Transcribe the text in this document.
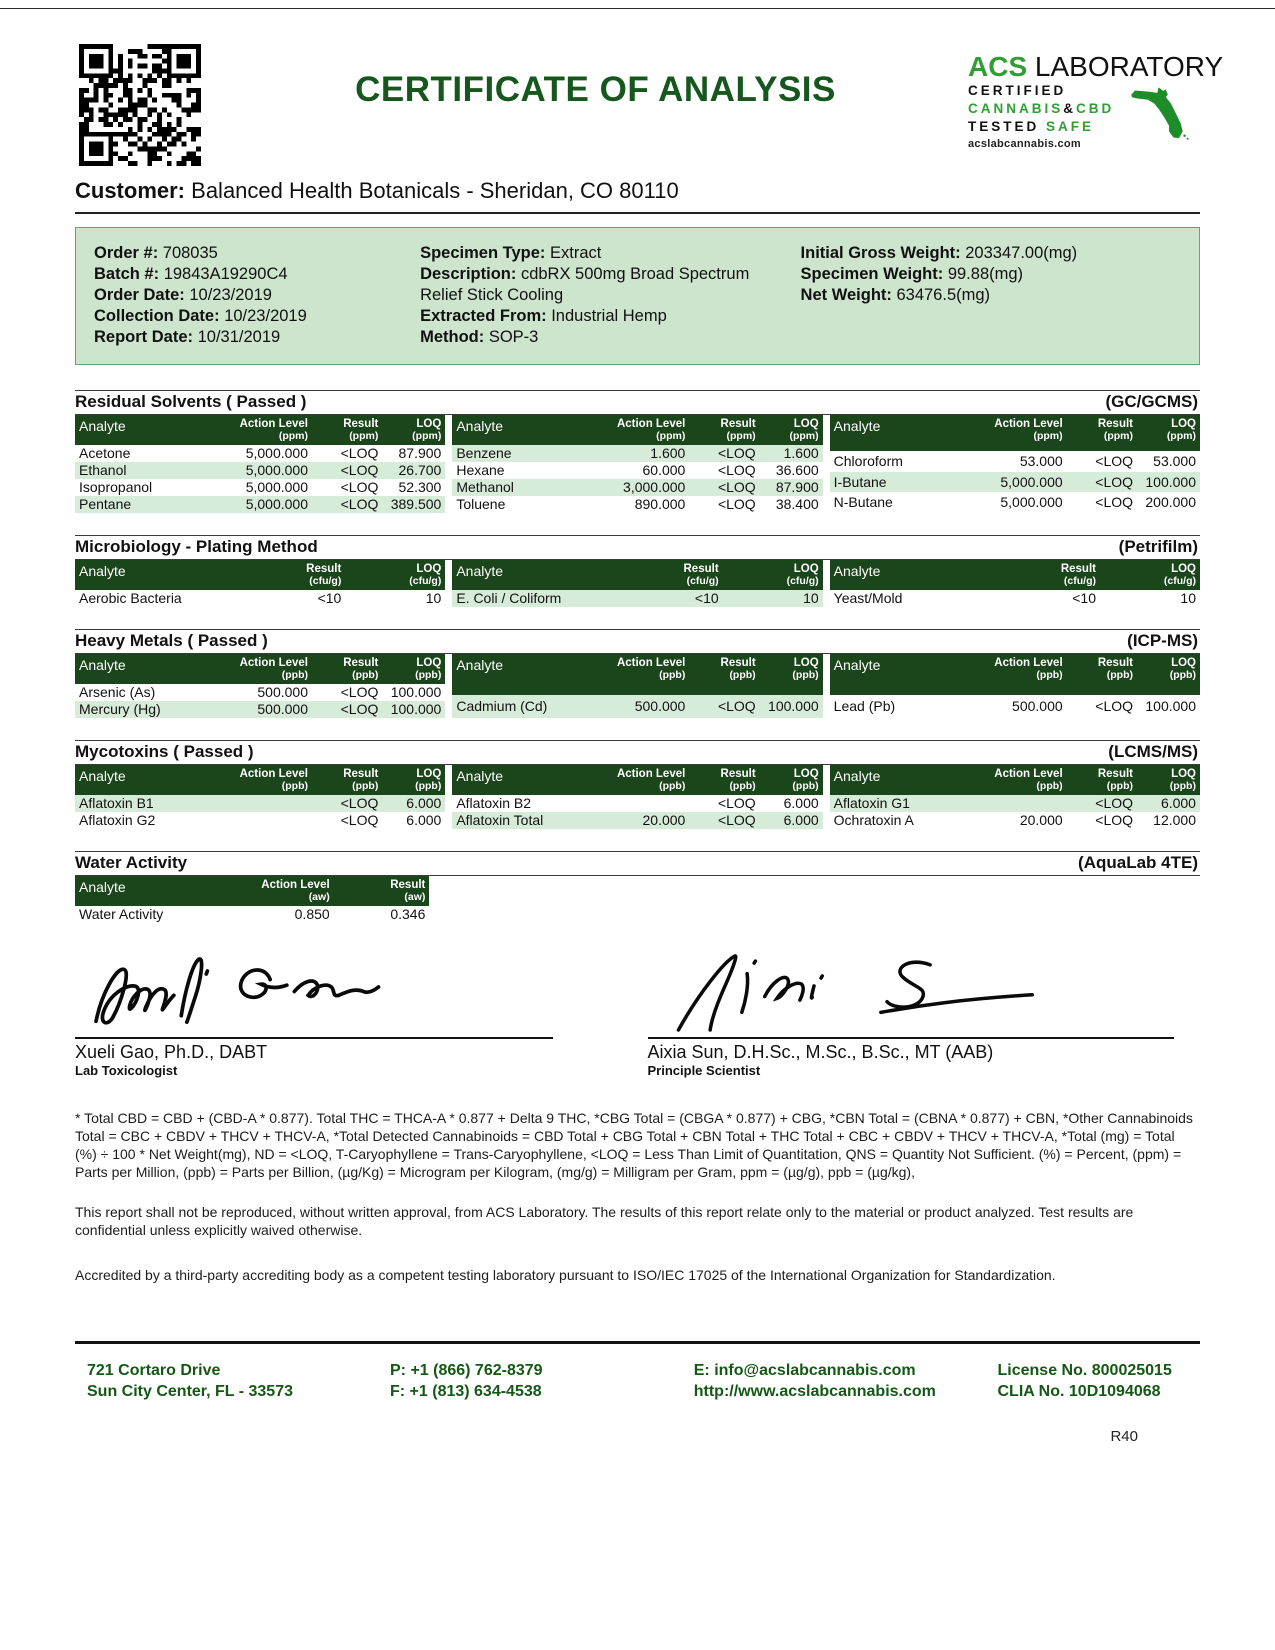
CERTIFICATE OF ANALYSIS
ACS LABORATORY
CERTIFIED
CANNABIS&CBD
TESTED SAFE
acslabcannabis.com
Customer: Balanced Health Botanicals - Sheridan, CO 80110
Order #: 708035
Batch #: 19843A19290C4
Order Date: 10/23/2019
Collection Date: 10/23/2019
Report Date: 10/31/2019
Specimen Type: Extract
Description: cdbRX 500mg Broad Spectrum Relief Stick Cooling
Extracted From: Industrial Hemp
Method: SOP-3
Initial Gross Weight: 203347.00(mg)
Specimen Weight: 99.88(mg)
Net Weight: 63476.5(mg)
Residual Solvents ( Passed )	(GC/GCMS)
Analyte	Action Level
(ppm)

Result
(ppm)

LOQ
(ppm)

Acetone	5,000.000	<LOQ	87.900
Ethanol	5,000.000	<LOQ	26.700
Isopropanol	5,000.000	<LOQ	52.300
Pentane	5,000.000	<LOQ	389.500
Analyte	Action Level
(ppm)

Result
(ppm)

LOQ
(ppm)

Benzene	1.600	<LOQ	1.600
Hexane	60.000	<LOQ	36.600
Methanol	3,000.000	<LOQ	87.900
Toluene	890.000	<LOQ	38.400
Analyte	Action Level
(ppm)

Result
(ppm)

LOQ
(ppm)

Chloroform	53.000	<LOQ	53.000
I-Butane	5,000.000	<LOQ	100.000
N-Butane	5,000.000	<LOQ	200.000
Microbiology - Plating Method	(Petrifilm)
Analyte	Result
(cfu/g)

LOQ
(cfu/g)

Aerobic Bacteria	<10	10
Analyte	Result
(cfu/g)

LOQ
(cfu/g)

E. Coli / Coliform	<10	10
Analyte	Result
(cfu/g)

LOQ
(cfu/g)

Yeast/Mold	<10	10
Heavy Metals ( Passed )	(ICP-MS)
Analyte	Action Level
(ppb)

Result
(ppb)

LOQ
(ppb)

Arsenic (As)	500.000	<LOQ	100.000
Mercury (Hg)	500.000	<LOQ	100.000
Analyte	Action Level
(ppb)

Result
(ppb)

LOQ
(ppb)

Cadmium (Cd)	500.000	<LOQ	100.000
Analyte	Action Level
(ppb)

Result
(ppb)

LOQ
(ppb)

Lead (Pb)	500.000	<LOQ	100.000
Mycotoxins ( Passed )	(LCMS/MS)
Analyte	Action Level
(ppb)

Result
(ppb)

LOQ
(ppb)

Aflatoxin B1		<LOQ	6.000
Aflatoxin G2		<LOQ	6.000
Analyte	Action Level
(ppb)

Result
(ppb)

LOQ
(ppb)

Aflatoxin B2		<LOQ	6.000
Aflatoxin Total	20.000	<LOQ	6.000
Analyte	Action Level
(ppb)

Result
(ppb)

LOQ
(ppb)

Aflatoxin G1		<LOQ	6.000
Ochratoxin A	20.000	<LOQ	12.000
Water Activity	(AquaLab 4TE)
Analyte	Action Level
(aw)

Result
(aw)

Water Activity	0.850	0.346
Xueli Gao, Ph.D., DABT
Lab Toxicologist
Aixia Sun, D.H.Sc., M.Sc., B.Sc., MT (AAB)
Principle Scientist

* Total CBD = CBD + (CBD-A * 0.877). Total THC = THCA-A * 0.877 + Delta 9 THC, *CBG Total = (CBGA * 0.877) + CBG, *CBN Total = (CBNA * 0.877) + CBN, *Other Cannabinoids Total = CBC + CBDV + THCV + THCV-A, *Total Detected Cannabinoids = CBD Total + CBG Total + CBN Total + THC Total + CBC + CBDV + THCV + THCV-A, *Total (mg) = Total (%) ÷ 100 * Net Weight(mg), ND = <LOQ, T-Caryophyllene = Trans-Caryophyllene, <LOQ = Less Than Limit of Quantitation, QNS = Quantity Not Sufficient. (%) = Percent, (ppm) = Parts per Million, (ppb) = Parts per Billion, (µg/Kg) = Microgram per Kilogram, (mg/g) = Milligram per Gram, ppm = (µg/g), ppb = (µg/kg),

This report shall not be reproduced, without written approval, from ACS Laboratory. The results of this report relate only to the material or product analyzed. Test results are confidential unless explicitly waived otherwise.

Accredited by a third-party accrediting body as a competent testing laboratory pursuant to ISO/IEC 17025 of the International Organization for Standardization.

721 Cortaro Drive
Sun City Center, FL - 33573
P: +1 (866) 762-8379
F: +1 (813) 634-4538
E: info@acslabcannabis.com
http://www.acslabcannabis.com
License No. 800025015
CLIA No. 10D1094068
R40
